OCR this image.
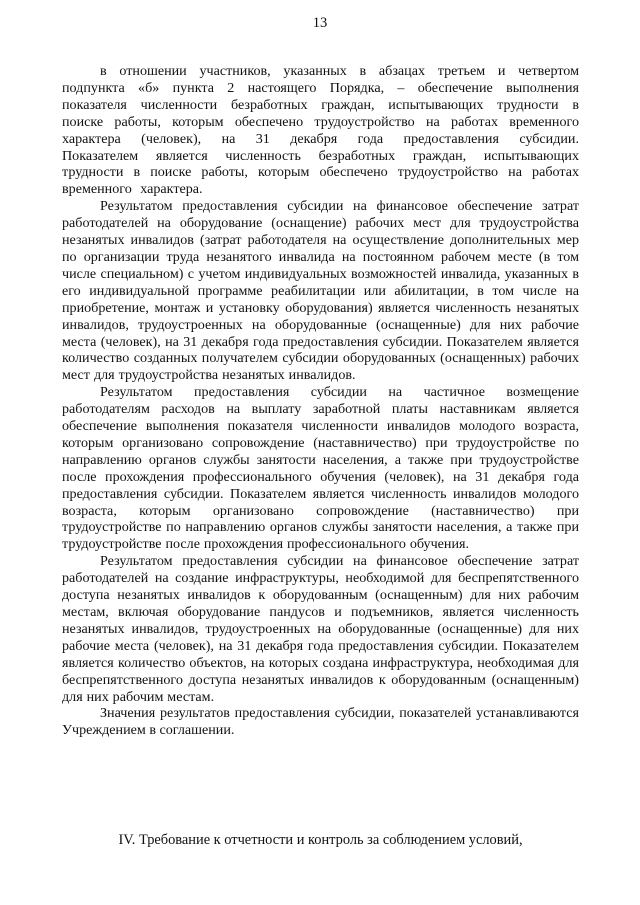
13

в отношении участников, указанных в абзацах третьем и четвертом подпункта «б» пункта 2 настоящего Порядка, – обеспечение выполнения показателя численности безработных граждан, испытывающих трудности в поиске работы, которым обеспечено трудоустройство на работах временного характера (человек), на 31 декабря года предоставления субсидии. Показателем является численность безработных граждан, испытывающих трудности в поиске работы, которым обеспечено трудоустройство на работах временного характера.

Результатом предоставления субсидии на финансовое обеспечение затрат работодателей на оборудование (оснащение) рабочих мест для трудоустройства незанятых инвалидов (затрат работодателя на осуществление дополнительных мер по организации труда незанятого инвалида на постоянном рабочем месте (в том числе специальном) с учетом индивидуальных возможностей инвалида, указанных в его индивидуальной программе реабилитации или абилитации, в том числе на приобретение, монтаж и установку оборудования) является численность незанятых инвалидов, трудоустроенных на оборудованные (оснащенные) для них рабочие места (человек), на 31 декабря года предоставления субсидии. Показателем является количество созданных получателем субсидии оборудованных (оснащенных) рабочих мест для трудоустройства незанятых инвалидов.

Результатом предоставления субсидии на частичное возмещение работодателям расходов на выплату заработной платы наставникам является обеспечение выполнения показателя численности инвалидов молодого возраста, которым организовано сопровождение (наставничество) при трудоустройстве по направлению органов службы занятости населения, а также при трудоустройстве после прохождения профессионального обучения (человек), на 31 декабря года предоставления субсидии. Показателем является численность инвалидов молодого возраста, которым организовано сопровождение (наставничество) при трудоустройстве по направлению органов службы занятости населения, а также при трудоустройстве после прохождения профессионального обучения.

Результатом предоставления субсидии на финансовое обеспечение затрат работодателей на создание инфраструктуры, необходимой для беспрепятственного доступа незанятых инвалидов к оборудованным (оснащенным) для них рабочим местам, включая оборудование пандусов и подъемников, является численность незанятых инвалидов, трудоустроенных на оборудованные (оснащенные) для них рабочие места (человек), на 31 декабря года предоставления субсидии. Показателем является количество объектов, на которых создана инфраструктура, необходимая для беспрепятственного доступа незанятых инвалидов к оборудованным (оснащенным) для них рабочим местам.

Значения результатов предоставления субсидии, показателей устанавливаются Учреждением в соглашении.

IV. Требование к отчетности и контроль за соблюдением условий,
